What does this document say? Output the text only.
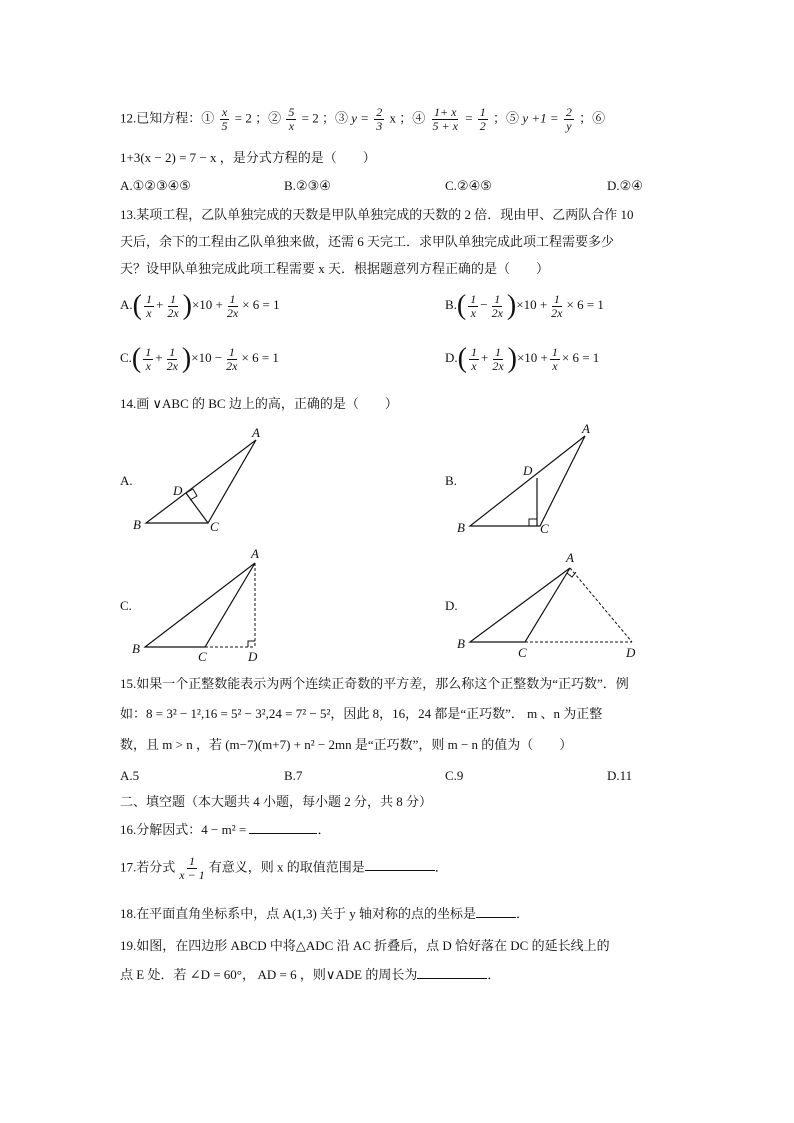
12.已知方程：① $\frac{x}{5} = 2$ ；② $\frac{5}{x} = 2$ ；③ $y = \frac{2}{3}$ x ；④ $\frac{1+ x}{5 + x} = \frac{1}{2}$ ；⑤ $y +1 = \frac{2}{y}$ ；⑥
1+3(x − 2) = 7 − x ，是分式方程的是（　　）
A.①②③④⑤	B.②③④	C.②④⑤	D.②④
13.某项工程，乙队单独完成的天数是甲队单独完成的天数的 2 倍．现由甲、乙两队合作 10
天后，余下的工程由乙队单独来做，还需 6 天完工．求甲队单独完成此项工程需要多少
天？设甲队单独完成此项工程需要 x 天．根据题意列方程正确的是（　　）
$A.( \frac{1}{x} + \frac{1}{2x} )\times 10 + \frac{1}{2x} \times 6 = 1$	$B.( \frac{1}{x} - \frac{1}{2x} )\times 10 + \frac{1}{2x} \times 6 = 1$
$C.( \frac{1}{x} + \frac{1}{2x} )\times 10 - \frac{1}{2x} \times 6 = 1$	$D.( \frac{1}{x} + \frac{1}{2x} )\times 10 + \frac{1}{x} \times 6 = 1$
14.画 ∨ABC 的 BC 边上的高，正确的是（　　）
A.	B.
C.	D.
A
B	C
D
A
B	C
D
A
B
C	D
A
B
C	D
15.如果一个正整数能表示为两个连续正奇数的平方差，那么称这个正整数为“正巧数”．例
如：8 = 3² − 1²,16 = 5² − 3²,24 = 7² − 5²，因此 8，16，24 都是“正巧数”． m 、n 为正整
数，且 m > n ，若 (m−7)(m+7) + n² − 2mn 是“正巧数”，则 m − n 的值为（　　）
A.5	B.7	C.9	D.11
二、填空题（本大题共 4 小题，每小题 2 分，共 8 分）
16.分解因式：4 − m² =	．
17.若分式 $\frac{1}{x - 1}$ 有意义，则 x 的取值范围是	．
18.在平面直角坐标系中，点 A(1,3) 关于 y 轴对称的点的坐标是	．
19.如图，在四边形 ABCD 中将△ADC 沿 AC 折叠后，点 D 恰好落在 DC 的延长线上的
点 E 处．若 ∠D = 60°， AD = 6 ，则∨ADE 的周长为	．
